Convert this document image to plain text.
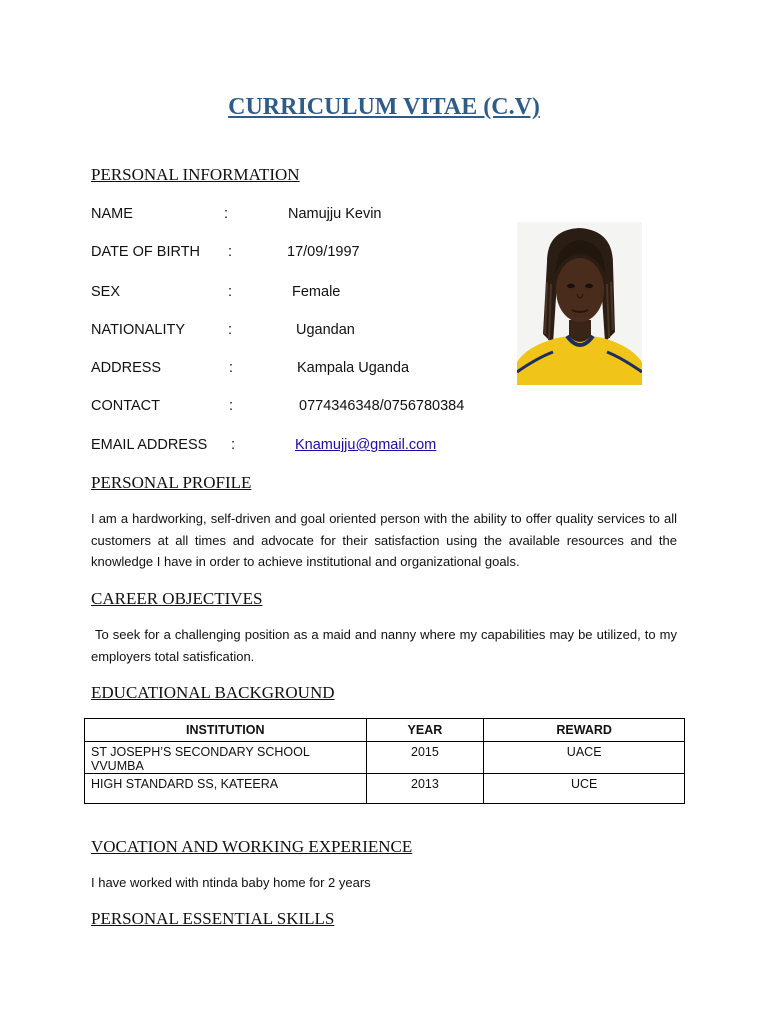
CURRICULUM VITAE (C.V)
PERSONAL INFORMATION
NAME	:	Namujju Kevin
DATE OF BIRTH :	17/09/1997
SEX	:	Female
NATIONALITY	:	Ugandan
ADDRESS	:	Kampala Uganda
CONTACT	:	0774346348/0756780384
EMAIL ADDRESS :	Knamujju@gmail.com
PERSONAL PROFILE
I am a hardworking, self-driven and goal oriented person with the ability to offer quality services to all customers at all times and advocate for their satisfaction using the available resources and the knowledge I have in order to achieve institutional and organizational goals.
CAREER OBJECTIVES
To seek for a challenging position as a maid and nanny where my capabilities may be utilized, to my employers total satisfication.
EDUCATIONAL BACKGROUND
INSTITUTION	YEAR	REWARD
ST JOSEPH’S SECONDARY SCHOOL VVUMBA	2015	UACE
HIGH STANDARD SS, KATEERA	2013	UCE
VOCATION AND WORKING EXPERIENCE
I have worked with ntinda baby home for 2 years
PERSONAL ESSENTIAL SKILLS
